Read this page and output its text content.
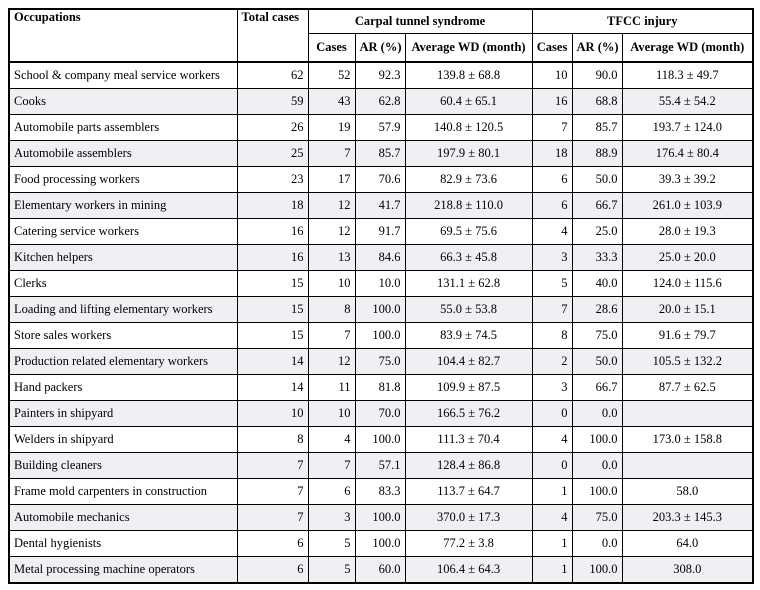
Occupations	Total cases	Carpal tunnel syndrome			TFCC injury		
		Cases	AR (%)	Average WD (month)	Cases	AR (%)	Average WD (month)
School & company meal service workers	62	52	92.3	139.8 ± 68.8	10	90.0	118.3 ± 49.7
Cooks	59	43	62.8	60.4 ± 65.1	16	68.8	55.4 ± 54.2
Automobile parts assemblers	26	19	57.9	140.8 ± 120.5	7	85.7	193.7 ± 124.0
Automobile assemblers	25	7	85.7	197.9 ± 80.1	18	88.9	176.4 ± 80.4
Food processing workers	23	17	70.6	82.9 ± 73.6	6	50.0	39.3 ± 39.2
Elementary workers in mining	18	12	41.7	218.8 ± 110.0	6	66.7	261.0 ± 103.9
Catering service workers	16	12	91.7	69.5 ± 75.6	4	25.0	28.0 ± 19.3
Kitchen helpers	16	13	84.6	66.3 ± 45.8	3	33.3	25.0 ± 20.0
Clerks	15	10	10.0	131.1 ± 62.8	5	40.0	124.0 ± 115.6
Loading and lifting elementary workers	15	8	100.0	55.0 ± 53.8	7	28.6	20.0 ± 15.1
Store sales workers	15	7	100.0	83.9 ± 74.5	8	75.0	91.6 ± 79.7
Production related elementary workers	14	12	75.0	104.4 ± 82.7	2	50.0	105.5 ± 132.2
Hand packers	14	11	81.8	109.9 ± 87.5	3	66.7	87.7 ± 62.5
Painters in shipyard	10	10	70.0	166.5 ± 76.2	0	0.0	
Welders in shipyard	8	4	100.0	111.3 ± 70.4	4	100.0	173.0 ± 158.8
Building cleaners	7	7	57.1	128.4 ± 86.8	0	0.0	
Frame mold carpenters in construction	7	6	83.3	113.7 ± 64.7	1	100.0	58.0
Automobile mechanics	7	3	100.0	370.0 ± 17.3	4	75.0	203.3 ± 145.3
Dental hygienists	6	5	100.0	77.2 ± 3.8	1	0.0	64.0
Metal processing machine operators	6	5	60.0	106.4 ± 64.3	1	100.0	308.0
